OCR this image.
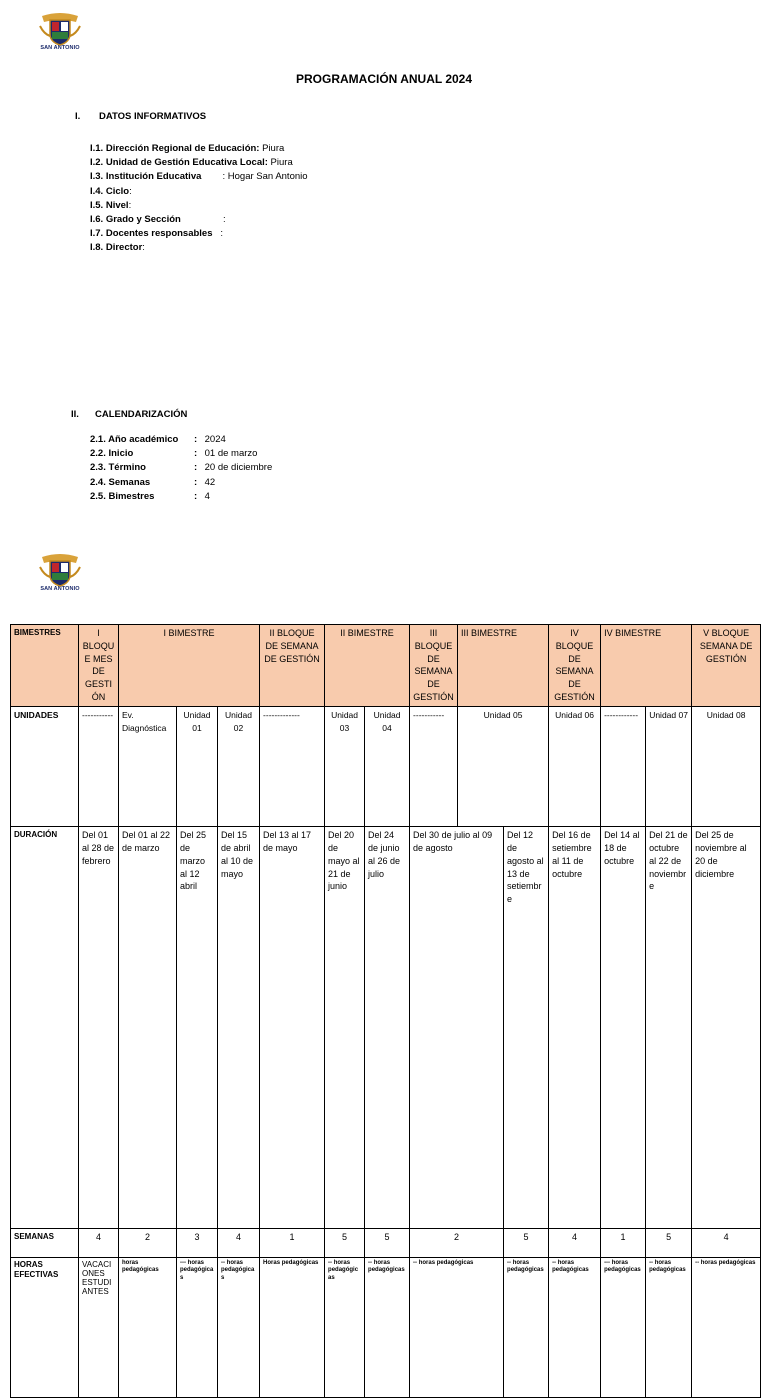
SAN ANTONIO
PROGRAMACIÓN ANUAL 2024
I. DATOS INFORMATIVOS
I.1. Dirección Regional de Educación: Piura
I.2. Unidad de Gestión Educativa Local: Piura
I.3. Institución Educativa        : Hogar San Antonio
I.4. Ciclo:
I.5. Nivel:
I.6. Grado y Sección                :
I.7. Docentes responsables   :
I.8. Director:
II. CALENDARIZACIÓN
2.1. Año académico : 2024
2.2. Inicio	: 01 de marzo
2.3. Término	: 20 de diciembre
2.4. Semanas	: 42
2.5. Bimestres	: 4
SAN ANTONIO
BIMESTRES	I BLOQUE MES DE GESTIÓN	I BIMESTRE			II BLOQUE DE SEMANA DE GESTIÓN	II BIMESTRE		III BLOQUE DE SEMANA DE GESTIÓN	III BIMESTRE		IV BLOQUE DE SEMANA DE GESTIÓN	IV BIMESTRE		V BLOQUE SEMANA DE GESTIÓN	
UNIDADES	-----------	Ev. Diagnóstica	Unidad 01	Unidad 02	-------------	Unidad 03	Unidad 04	-----------	Unidad 05		Unidad 06	------------	Unidad 07	Unidad 08	
DURACIÓN	Del 01 al 28 de febrero	Del 01 al 22 de marzo	Del 25 de marzo al 12 abril	Del 15 de abril al 10 de mayo	Del 13 al 17 de mayo	Del 20 de mayo al 21 de junio	Del 24 de junio al 26 de julio	Del 30 de julio al 09 de agosto		Del 12 de agosto al 13 de setiembre	Del 16 de setiembre al 11 de octubre	Del 14 al 18 de octubre	Del 21 de octubre al 22 de noviembre	Del 25 de noviembre al 20 de diciembre	
SEMANAS	4	2	3	4	1	5	5	2		5	4	1	5	4	
HORAS EFECTIVAS	VACACIONES ESTUDIANTES	horas pedagógicas	--- horas pedagógicas	-- horas pedagógicas	Horas pedagógicas	-- horas pedagógicas	-- horas pedagógicas	-- horas pedagógicas		-- horas pedagógicas	-- horas pedagógicas	--- horas pedagógicas	-- horas pedagógicas	-- horas pedagógicas	
